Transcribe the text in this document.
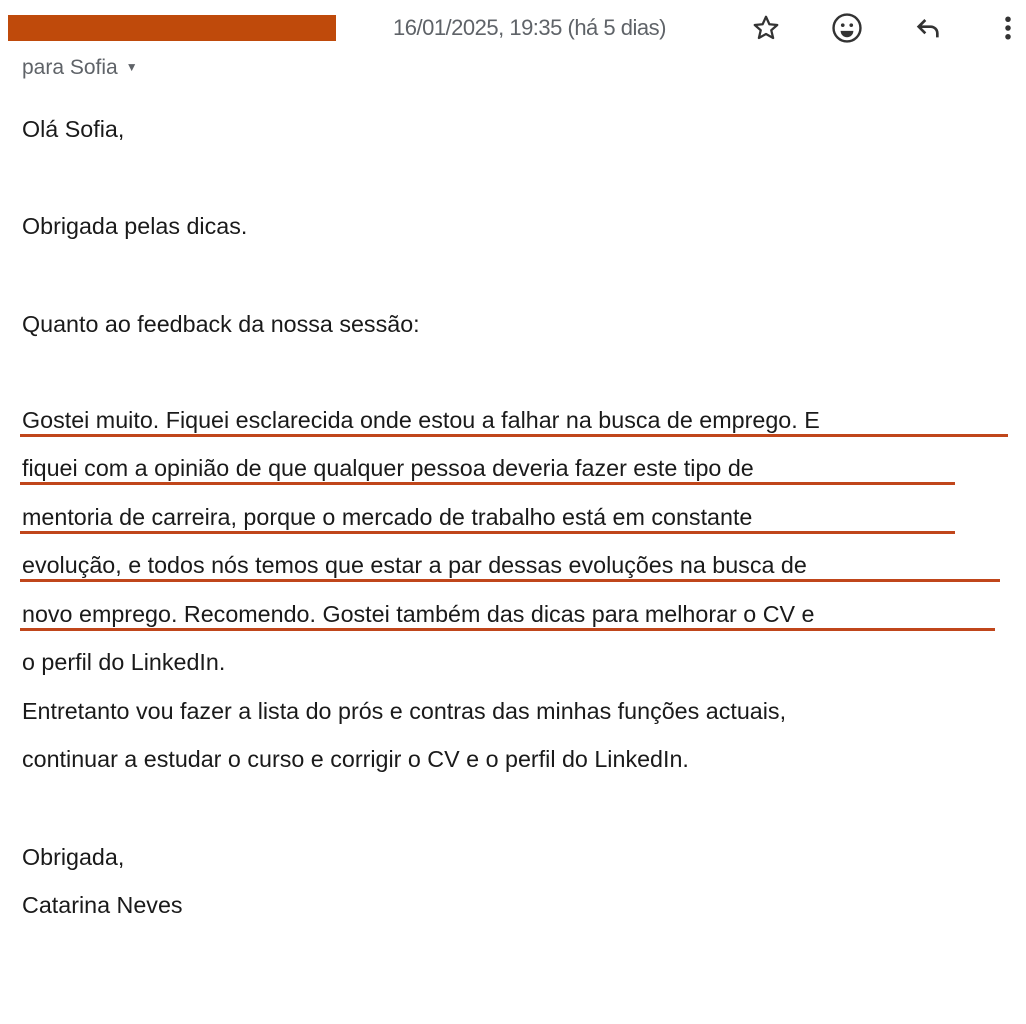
16/01/2025, 19:35 (há 5 dias)
para Sofia ▼
Olá Sofia,
Obrigada pelas dicas.
Quanto ao feedback da nossa sessão:
Gostei muito. Fiquei esclarecida onde estou a falhar na busca de emprego. E
fiquei com a opinião de que qualquer pessoa deveria fazer este tipo de
mentoria de carreira, porque o mercado de trabalho está em constante
evolução, e todos nós temos que estar a par dessas evoluções na busca de
novo emprego. Recomendo. Gostei também das dicas para melhorar o CV e
o perfil do LinkedIn.
Entretanto vou fazer a lista do prós e contras das minhas funções actuais,
continuar a estudar o curso e corrigir o CV e o perfil do LinkedIn.
Obrigada,
Catarina Neves
